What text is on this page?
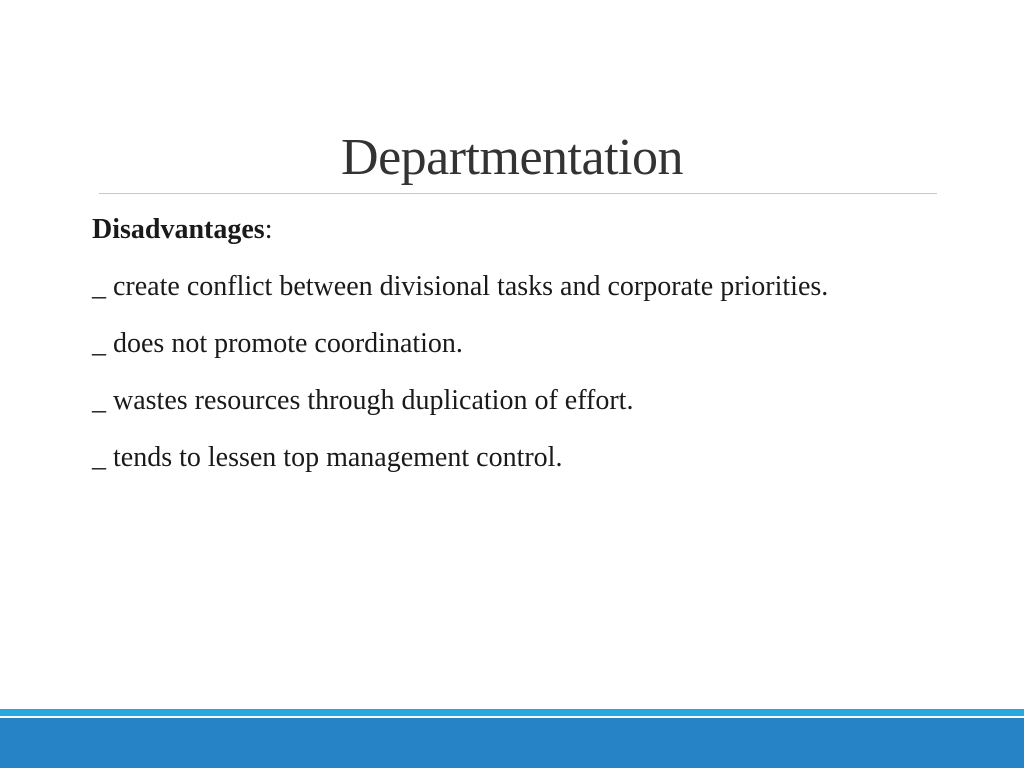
Departmentation

Disadvantages:

_ create conflict between divisional tasks and corporate priorities.

_ does not promote coordination.

_ wastes resources through duplication of effort.

_ tends to lessen top management control.
